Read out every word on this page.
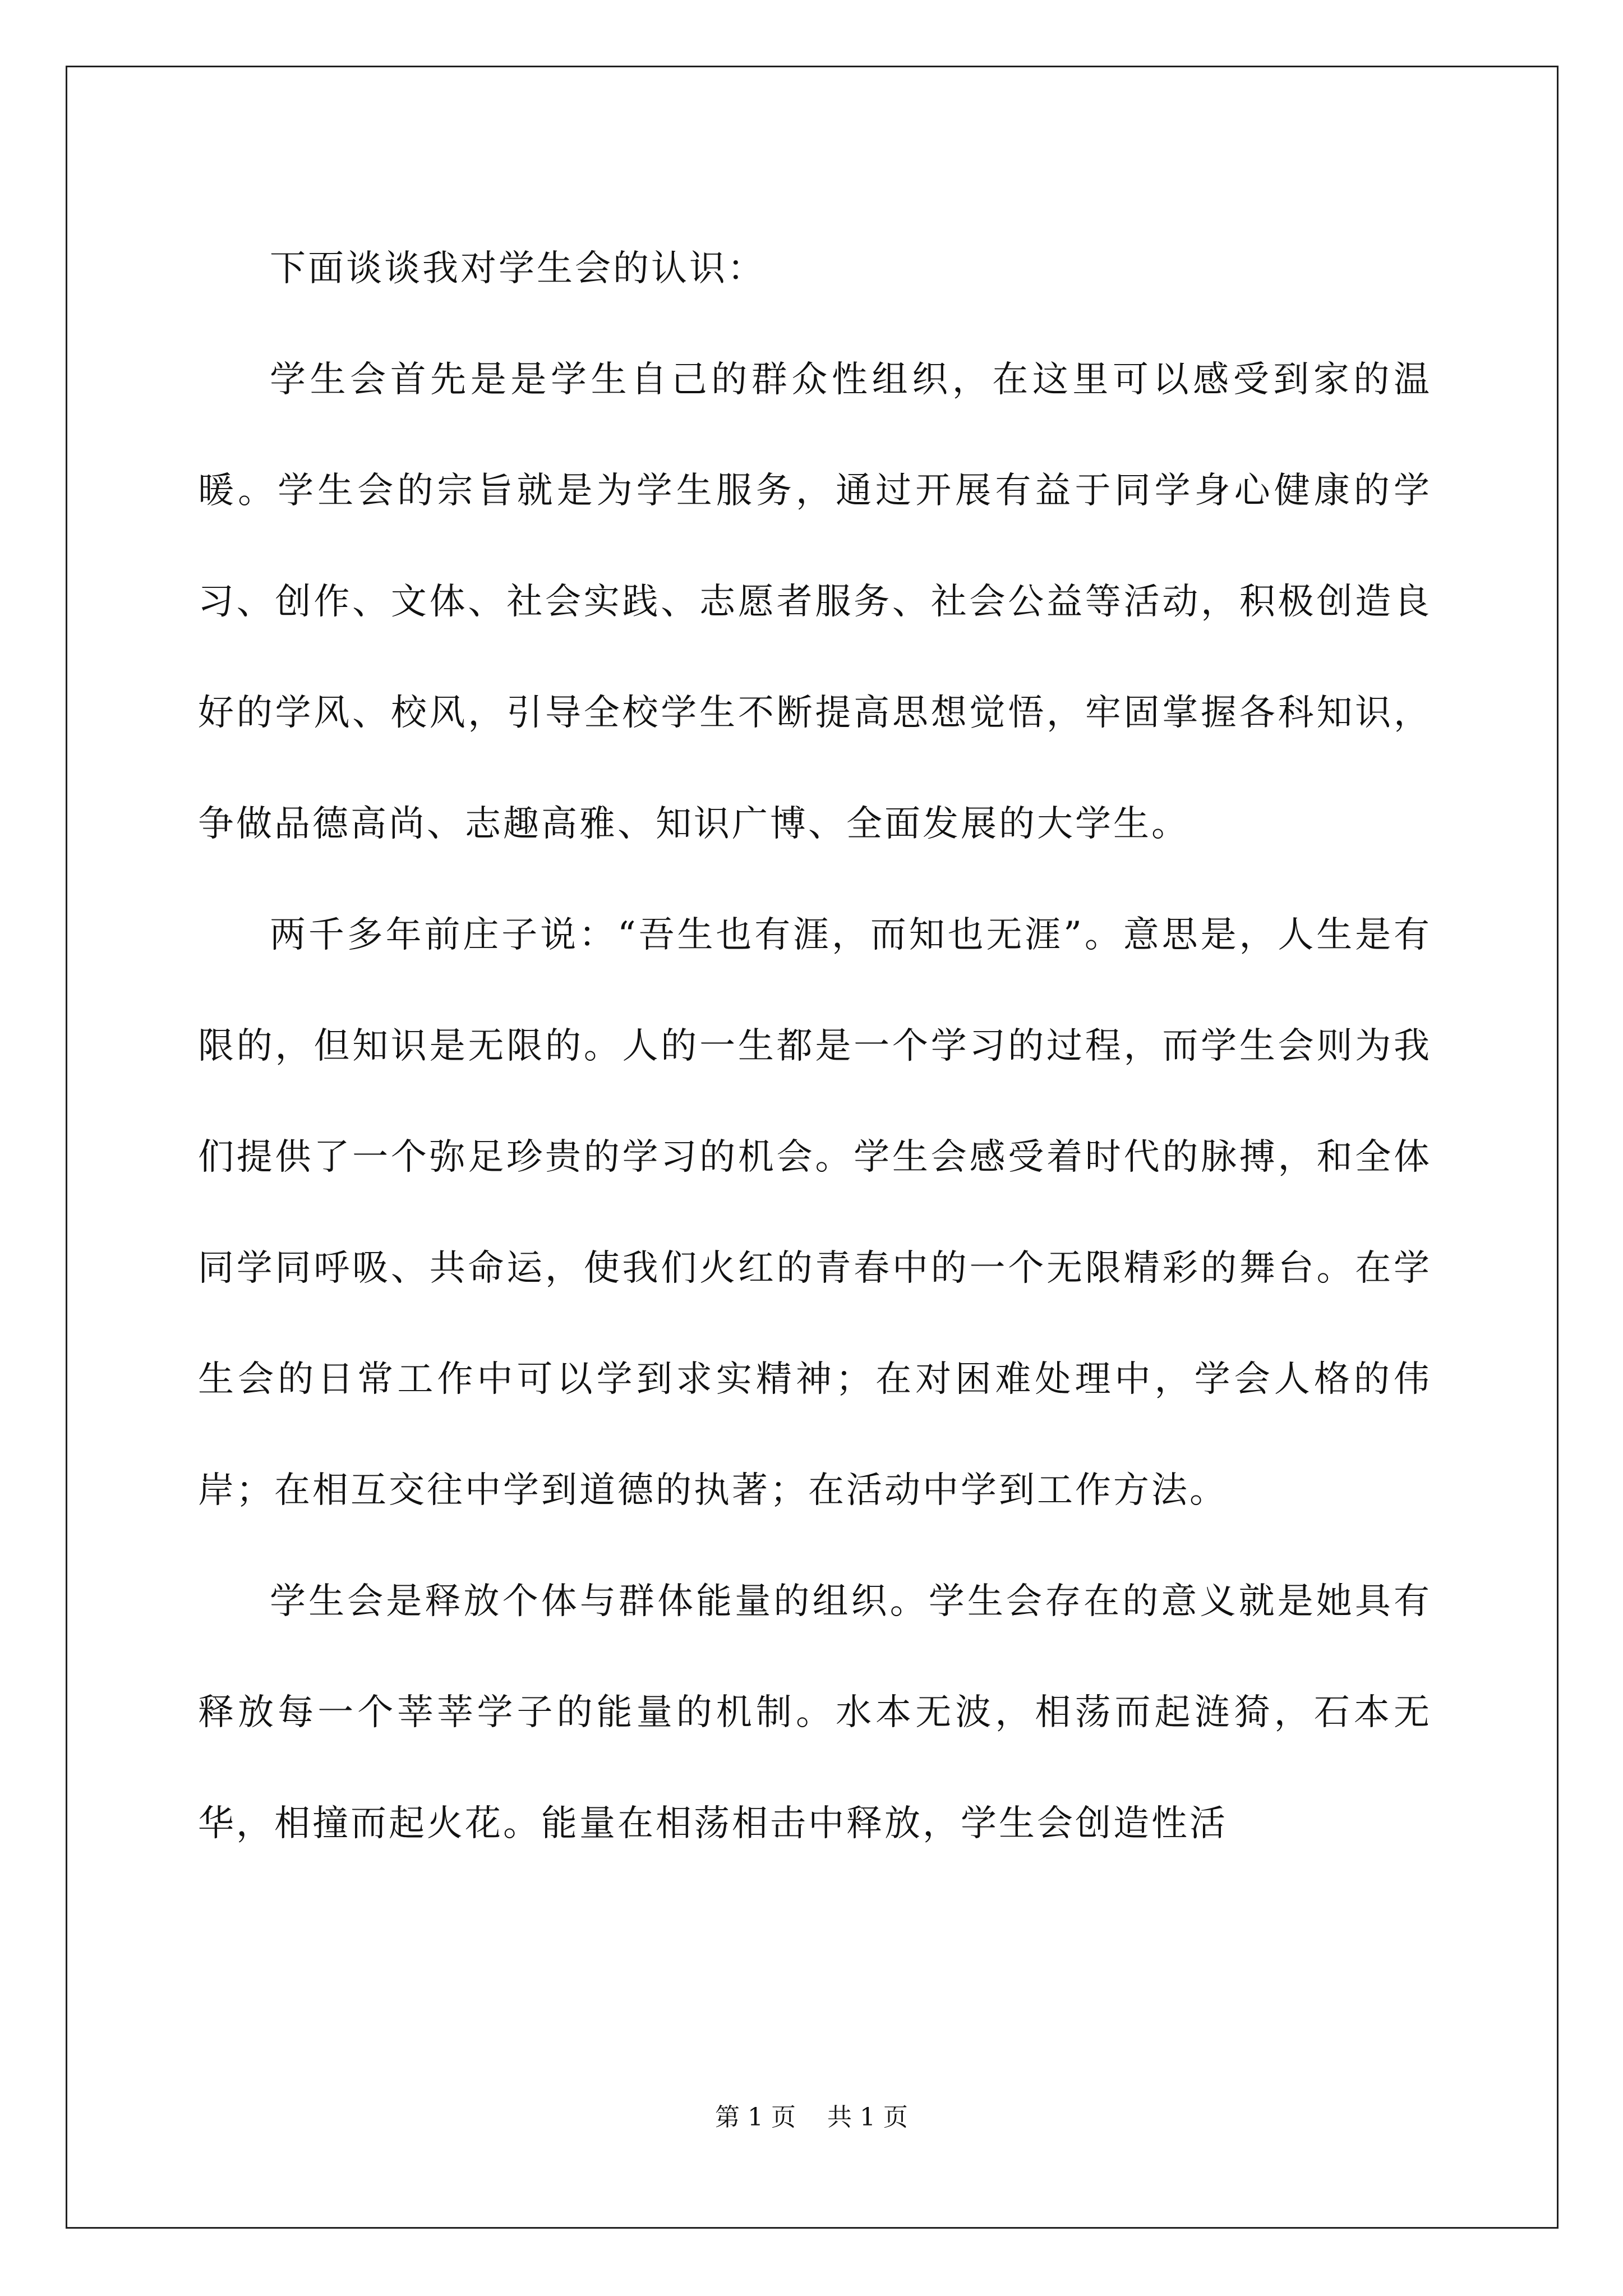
下面谈谈我对学生会的认识：

学生会首先是是学生自己的群众性组织，在这里可以感受到家的温暖。学生会的宗旨就是为学生服务，通过开展有益于同学身心健康的学习、创作、文体、社会实践、志愿者服务、社会公益等活动，积极创造良好的学风、校风，引导全校学生不断提高思想觉悟，牢固掌握各科知识，争做品德高尚、志趣高雅、知识广博、全面发展的大学生。

两千多年前庄子说：“吾生也有涯，而知也无涯”。意思是，人生是有限的，但知识是无限的。人的一生都是一个学习的过程，而学生会则为我们提供了一个弥足珍贵的学习的机会。学生会感受着时代的脉搏，和全体同学同呼吸、共命运，使我们火红的青春中的一个无限精彩的舞台。在学生会的日常工作中可以学到求实精神；在对困难处理中，学会人格的伟岸；在相互交往中学到道德的执著；在活动中学到工作方法。

学生会是释放个体与群体能量的组织。学生会存在的意义就是她具有释放每一个莘莘学子的能量的机制。水本无波，相荡而起涟猗，石本无华，相撞而起火花。能量在相荡相击中释放，学生会创造性活

第 1 页    共 1 页
